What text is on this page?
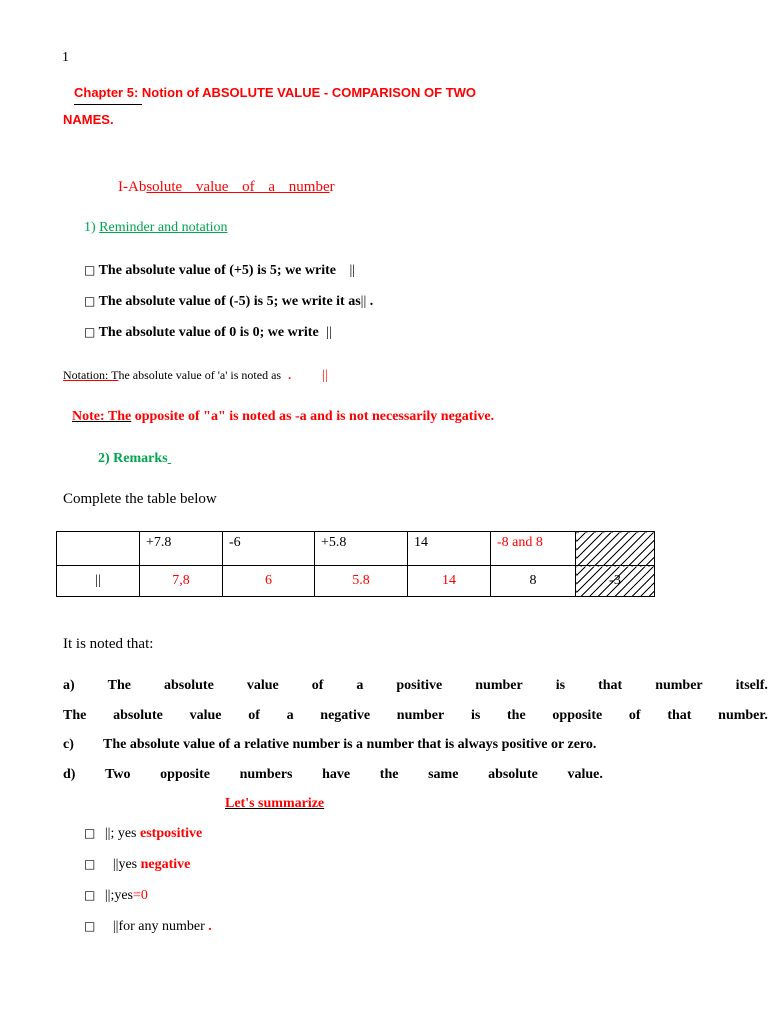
1
Chapter 5: Notion of ABSOLUTE VALUE - COMPARISON OF TWO
NAMES.
I-Absolute value of a number
1) Reminder and notation
□ The absolute value of (+5) is 5; we write ||
□ The absolute value of (-5) is 5; we write it as|| .
□ The absolute value of 0 is 0; we write ||
Notation: The absolute value of 'a' is noted as . ||
Note: The opposite of "a" is noted as -a and is not necessarily negative.
2) Remarks
Complete the table below
	+7.8	-6	+5.8	14	-8 and 8	
||	7,8	6	5.8	14	8	-3
It is noted that:
a) The absolute value of a positive number is that number itself.
The absolute value of a negative number is the opposite of that number.
c) The absolute value of a relative number is a number that is always positive or zero.
d) Two opposite numbers have the same absolute value.
Let's summarize
□ ||; yes estpositive
□ ||yes negative
□ ||;yes=0
□ ||for any number .
